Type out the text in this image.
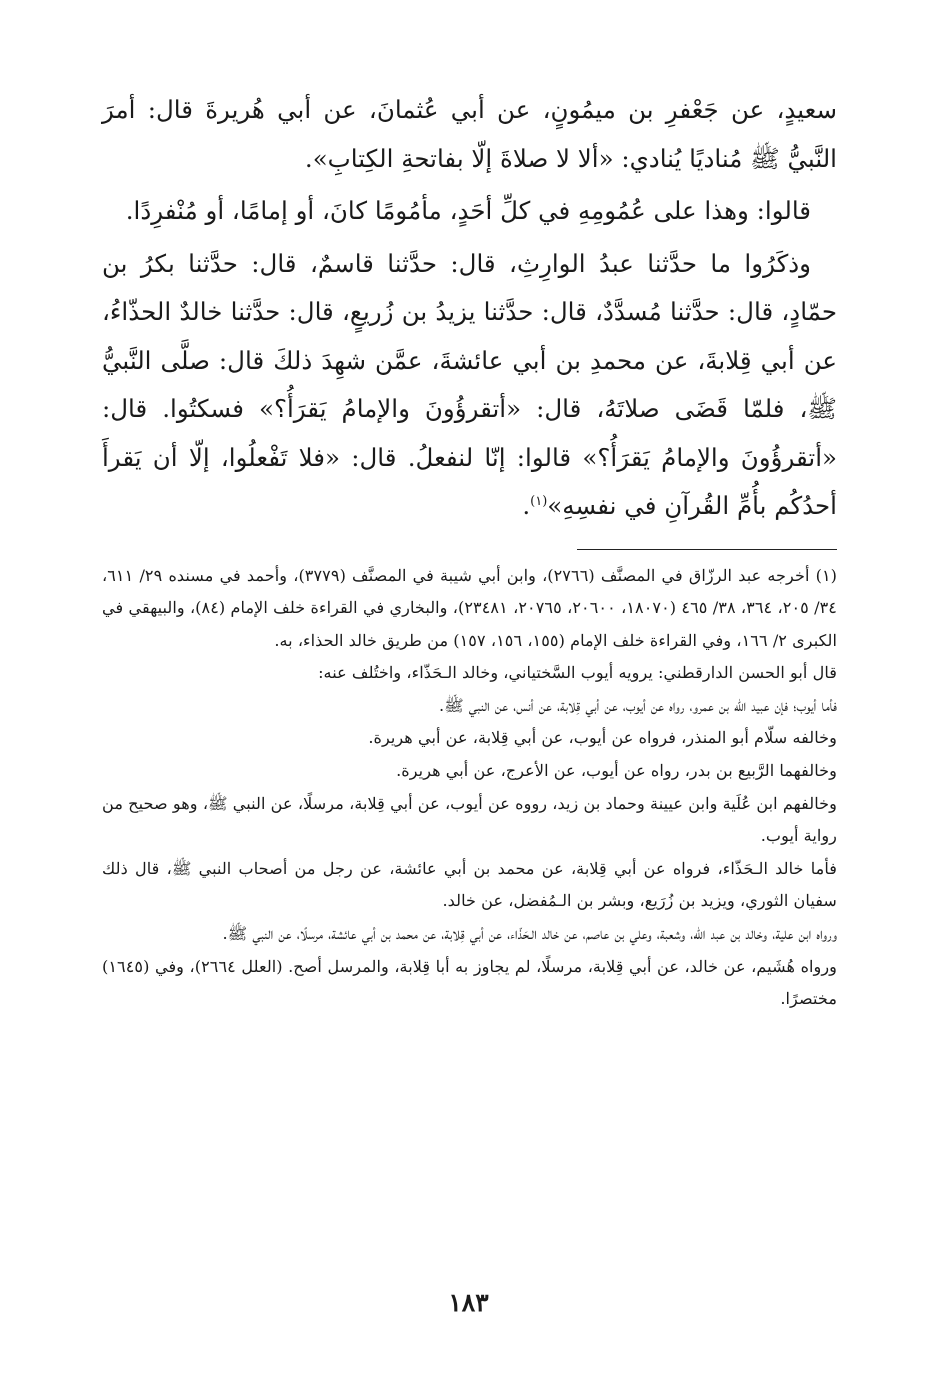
سعيدٍ، عن جَعْفرِ بن ميمُونٍ، عن أبي عُثمانَ، عن أبي هُريرةَ قال: أمرَ النَّبيُّ ﷺ مُناديًا يُنادي: «ألا لا صلاةَ إلّا بفاتحةِ الكِتابِ».

قالوا: وهذا على عُمُومِهِ في كلِّ أحَدٍ، مأمُومًا كانَ، أو إمامًا، أو مُنْفرِدًا.

وذكَرُوا ما حدَّثنا عبدُ الوارِثِ، قال: حدَّثنا قاسمٌ، قال: حدَّثنا بكرُ بن حمّادٍ، قال: حدَّثنا مُسدَّدٌ، قال: حدَّثنا يزيدُ بن زُريعٍ، قال: حدَّثنا خالدٌ الحذّاءُ، عن أبي قِلابةَ، عن محمدِ بن أبي عائشةَ، عمَّن شهِدَ ذلكَ قال: صلَّى النَّبيُّ ﷺ، فلمّا قَضَى صلاتَهُ، قال: «أتقرؤُونَ والإمامُ يَقرَأُ؟» فسكتُوا. قال: «أتقرؤُونَ والإمامُ يَقرَأُ؟» قالوا: إنّا لنفعلُ. قال: «فلا تَفْعلُوا، إلّا أن يَقرأَ أحدُكُم بأُمِّ القُرآنِ في نفسِهِ»$^{(١)}$.

(١) أخرجه عبد الرزّاق في المصنَّف (٢٧٦٦)، وابن أبي شيبة في المصنَّف (٣٧٧٩)، وأحمد في مسنده ٢٩/ ٦١١، ٣٤/ ٢٠٥، ٣٦٤، ٣٨/ ٤٦٥ (١٨٠٧٠، ٢٠٦٠٠، ٢٠٧٦٥، ٢٣٤٨١)، والبخاري في القراءة خلف الإمام (٨٤)، والبيهقي في الكبرى ٢/ ١٦٦، وفي القراءة خلف الإمام (١٥٥، ١٥٦، ١٥٧) من طريق خالد الحذاء، به.

قال أبو الحسن الدارقطني: يرويه أيوب السَّختياني، وخالد الـحَذّاء، واختُلف عنه:

فأما أيوب؛ فإن عبيد الله بن عمرو، رواه عن أيوب، عن أبي قِلابة، عن أنس، عن النبي ﷺ.

وخالفه سلّام أبو المنذر، فرواه عن أيوب، عن أبي قِلابة، عن أبي هريرة.

وخالفهما الرَّبيع بن بدر، رواه عن أيوب، عن الأعرج، عن أبي هريرة.

وخالفهم ابن عُلَية وابن عيينة وحماد بن زيد، رووه عن أيوب، عن أبي قِلابة، مرسلًا، عن النبي ﷺ، وهو صحيح من رواية أيوب.

فأما خالد الـحَذّاء، فرواه عن أبي قِلابة، عن محمد بن أبي عائشة، عن رجل من أصحاب النبي ﷺ، قال ذلك سفيان الثوري، ويزيد بن زُرَيع، وبشر بن الـمُفضل، عن خالد.

ورواه ابن علية، وخالد بن عبد الله، وشعبة، وعلي بن عاصم، عن خالد الـحَذّاء، عن أبي قِلابة، عن محمد بن أبي عائشة، مرسلًا، عن النبي ﷺ.

ورواه هُشَيم، عن خالد، عن أبي قِلابة، مرسلًا، لم يجاوز به أبا قِلابة، والمرسل أصح. (العلل ٢٦٦٤)، وفي (١٦٤٥) مختصرًا.

١٨٣
